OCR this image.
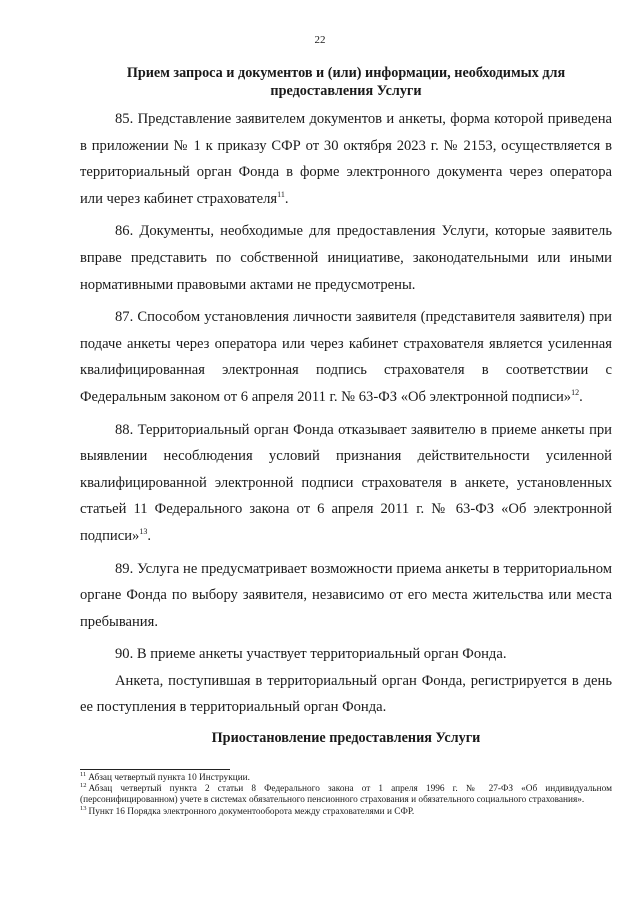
22
Прием запроса и документов и (или) информации, необходимых для
предоставления Услуги

85. Представление заявителем документов и анкеты, форма которой приведена в приложении № 1 к приказу СФР от 30 октября 2023 г. № 2153, осуществляется в территориальный орган Фонда в форме электронного документа через оператора или через кабинет страхователя$^{11}$.

86. Документы, необходимые для предоставления Услуги, которые заявитель вправе представить по собственной инициативе, законодательными или иными нормативными правовыми актами не предусмотрены.

87. Способом установления личности заявителя (представителя заявителя) при подаче анкеты через оператора или через кабинет страхователя является усиленная квалифицированная электронная подпись страхователя в соответствии с Федеральным законом от 6 апреля 2011 г. № 63-ФЗ «Об электронной подписи»$^{12}$.

88. Территориальный орган Фонда отказывает заявителю в приеме анкеты при выявлении несоблюдения условий признания действительности усиленной квалифицированной электронной подписи страхователя в анкете, установленных статьей 11 Федерального закона от 6 апреля 2011 г. № 63-ФЗ «Об электронной подписи»$^{13}$.

89. Услуга не предусматривает возможности приема анкеты в территориальном органе Фонда по выбору заявителя, независимо от его места жительства или места пребывания.

90. В приеме анкеты участвует территориальный орган Фонда.

Анкета, поступившая в территориальный орган Фонда, регистрируется в день ее поступления в территориальный орган Фонда.

Приостановление предоставления Услуги

$^{11}$ Абзац четвертый пункта 10 Инструкции.

$^{12}$ Абзац четвертый пункта 2 статьи 8 Федерального закона от 1 апреля 1996 г. № 27-ФЗ «Об индивидуальном (персонифицированном) учете в системах обязательного пенсионного страхования и обязательного социального страхования».

$^{13}$ Пункт 16 Порядка электронного документооборота между страхователями и СФР.
